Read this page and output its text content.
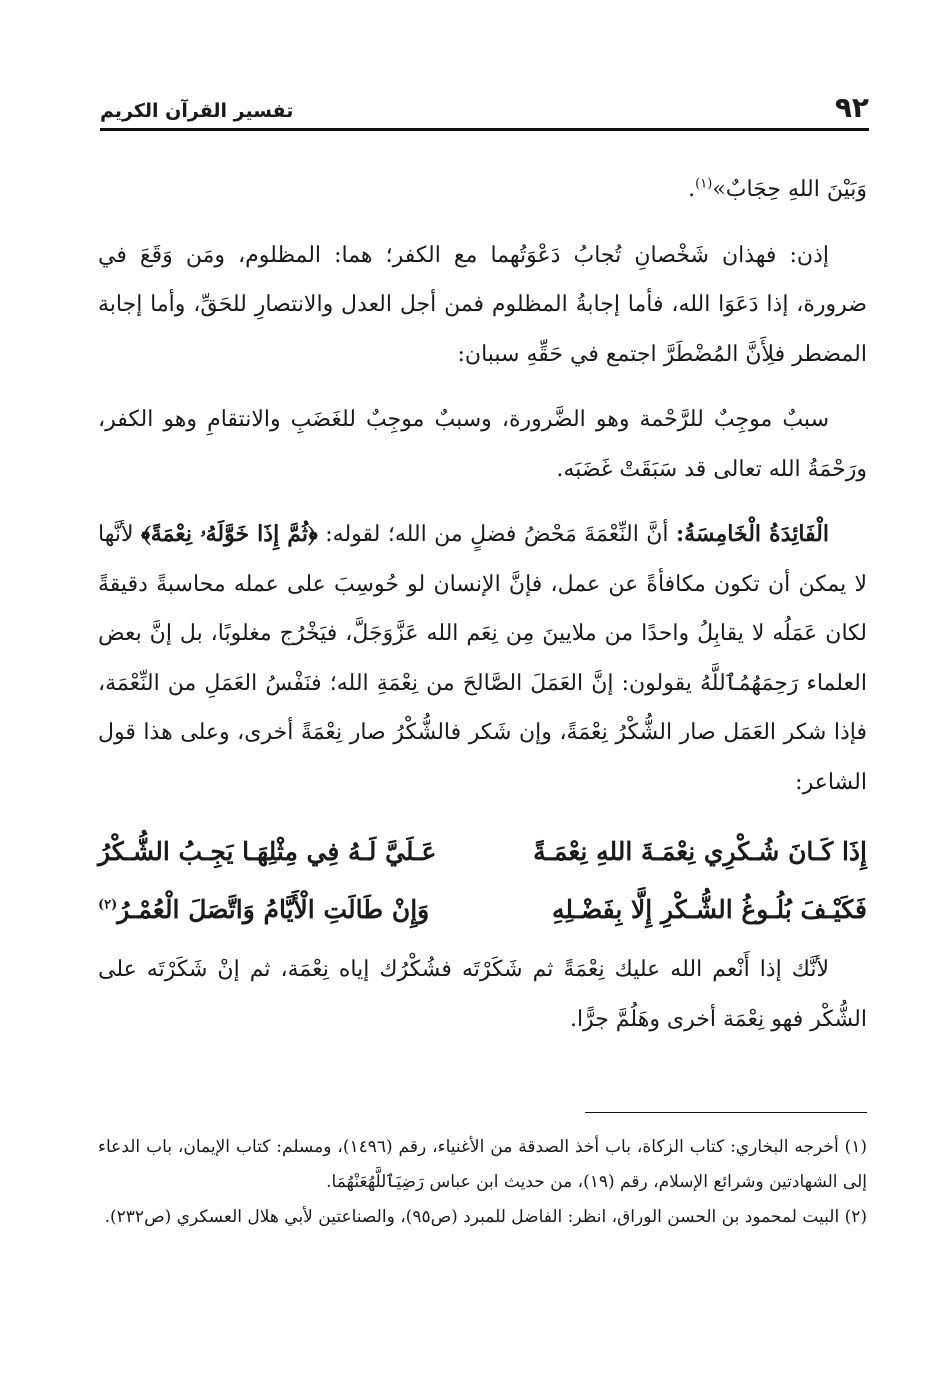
٩٢
تفسير القرآن الكريم

وَبَيْنَ اللهِ حِجَابٌ»$^{(١)}$.

إذن: فهذان شَخْصانِ تُجابُ دَعْوَتُهما مع الكفر؛ هما: المظلوم، ومَن وَقَعَ في ضرورة، إذا دَعَوَا الله، فأما إجابةُ المظلوم فمن أجل العدل والانتصارِ للحَقِّ، وأما إجابة المضطر فلِأَنَّ المُضْطَرَّ اجتمع في حَقِّهِ سببان:

سببٌ موجِبٌ للرَّحْمة وهو الضَّرورة، وسببٌ موجِبٌ للغَضَبِ والانتقامِ وهو الكفر، ورَحْمَةُ الله تعالى قد سَبَقَتْ غَضَبَه.

الْفَائِدَةُ الْخَامِسَةُ: أنَّ النِّعْمَةَ مَحْضُ فضلٍ من الله؛ لقوله: ﴿ثُمَّ إِذَا خَوَّلَهُۥ نِعْمَةً﴾ لأنَّها لا يمكن أن تكون مكافأةً عن عمل، فإنَّ الإنسان لو حُوسِبَ على عمله محاسبةً دقيقةً لكان عَمَلُه لا يقابِلُ واحدًا من ملايينَ مِن نِعَم الله عَزَّوَجَلَّ، فيَخْرُج مغلوبًا، بل إنَّ بعض العلماء رَحِمَهُمُٱللَّهُ يقولون: إنَّ العَمَلَ الصَّالحَ من نِعْمَةِ الله؛ فنَفْسُ العَمَلِ من النِّعْمَة، فإذا شكر العَمَل صار الشُّكْرُ نِعْمَةً، وإن شَكر فالشُّكْرُ صار نِعْمَةً أخرى، وعلى هذا قول الشاعر:

إِذَا كَـانَ شُـكْرِي نِعْمَـةَ اللهِ نِعْمَـةً
عَـلَيَّ لَـهُ فِي مِثْلِهَـا يَجِـبُ الشُّـكْرُ
فَكَيْـفَ بُلُـوغُ الشُّـكْرِ إِلَّا بِفَضْـلِهِ
وَإِنْ طَالَتِ الْأَيَّامُ وَاتَّصَلَ الْعُمْـرُ$^{(٢)}$

لأنَّك إذا أَنْعم الله عليك نِعْمَةً ثم شَكَرْتَه فشُكْرُك إياه نِعْمَة، ثم إنْ شَكَرْتَه على الشُّكْر فهو نِعْمَة أخرى وهَلُمَّ جرًّا.

(١) أخرجه البخاري: كتاب الزكاة، باب أخذ الصدقة من الأغنياء، رقم (١٤٩٦)، ومسلم: كتاب الإيمان، باب الدعاء إلى الشهادتين وشرائع الإسلام، رقم (١٩)، من حديث ابن عباس رَضِيَٱللَّهُعَنْهُمَا.

(٢) البيت لمحمود بن الحسن الوراق، انظر: الفاضل للمبرد (ص٩٥)، والصناعتين لأبي هلال العسكري (ص٢٣٢).
